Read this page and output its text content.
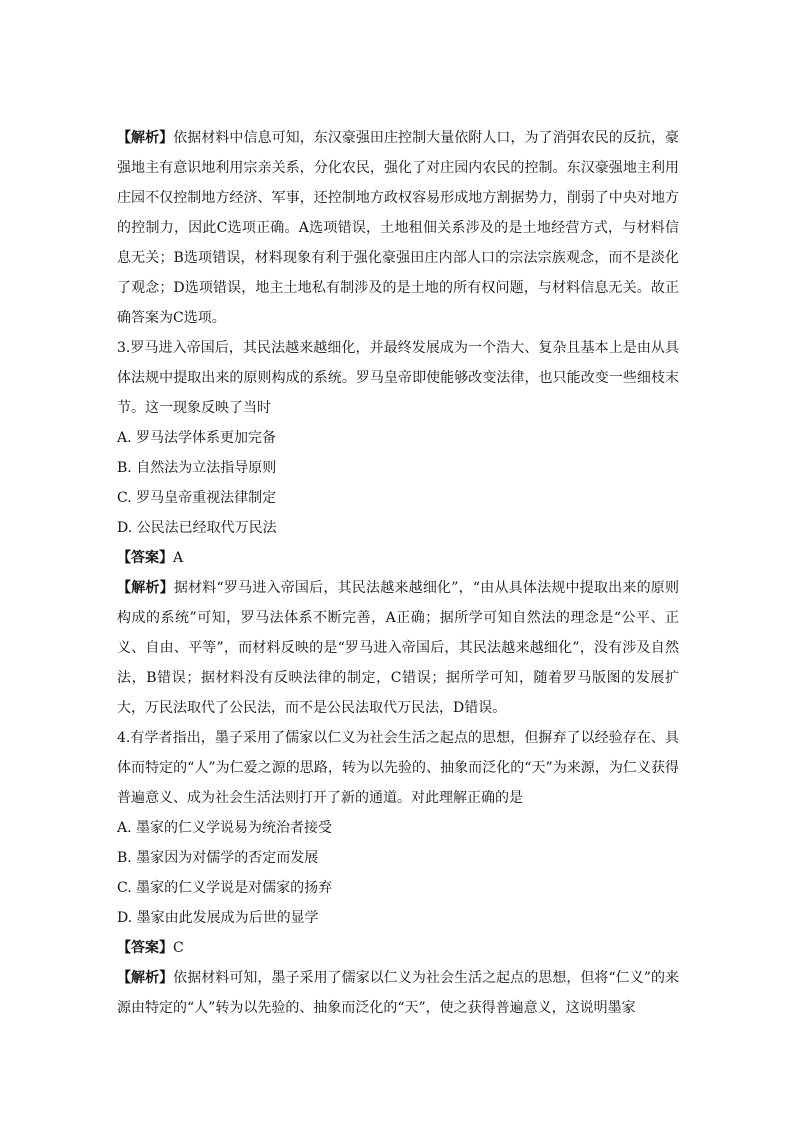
【解析】依据材料中信息可知，东汉豪强田庄控制大量依附人口，为了消弭农民的反抗，豪强地主有意识地利用宗亲关系，分化农民，强化了对庄园内农民的控制。东汉豪强地主利用庄园不仅控制地方经济、军事，还控制地方政权容易形成地方割据势力，削弱了中央对地方的控制力，因此C选项正确。A选项错误，土地租佃关系涉及的是土地经营方式，与材料信息无关；B选项错误，材料现象有利于强化豪强田庄内部人口的宗法宗族观念，而不是淡化了观念；D选项错误，地主土地私有制涉及的是土地的所有权问题，与材料信息无关。故正确答案为C选项。

3.罗马进入帝国后，其民法越来越细化，并最终发展成为一个浩大、复杂且基本上是由从具体法规中提取出来的原则构成的系统。罗马皇帝即使能够改变法律，也只能改变一些细枝末节。这一现象反映了当时

A. 罗马法学体系更加完备

B. 自然法为立法指导原则

C. 罗马皇帝重视法律制定

D. 公民法已经取代万民法

【答案】A

【解析】据材料“罗马进入帝国后，其民法越来越细化”，“由从具体法规中提取出来的原则构成的系统”可知，罗马法体系不断完善，A正确；据所学可知自然法的理念是“公平、正义、自由、平等”，而材料反映的是“罗马进入帝国后，其民法越来越细化”，没有涉及自然法，B错误；据材料没有反映法律的制定，C错误；据所学可知，随着罗马版图的发展扩大，万民法取代了公民法，而不是公民法取代万民法，D错误。

4.有学者指出，墨子采用了儒家以仁义为社会生活之起点的思想，但摒弃了以经验存在、具体而特定的“人”为仁爱之源的思路，转为以先验的、抽象而泛化的“天”为来源，为仁义获得普遍意义、成为社会生活法则打开了新的通道。对此理解正确的是

A. 墨家的仁义学说易为统治者接受

B. 墨家因为对儒学的否定而发展

C. 墨家的仁义学说是对儒家的扬弃

D. 墨家由此发展成为后世的显学

【答案】C

【解析】依据材料可知，墨子采用了儒家以仁义为社会生活之起点的思想，但将“仁义”的来源由特定的“人”转为以先验的、抽象而泛化的“天”，使之获得普遍意义，这说明墨家
